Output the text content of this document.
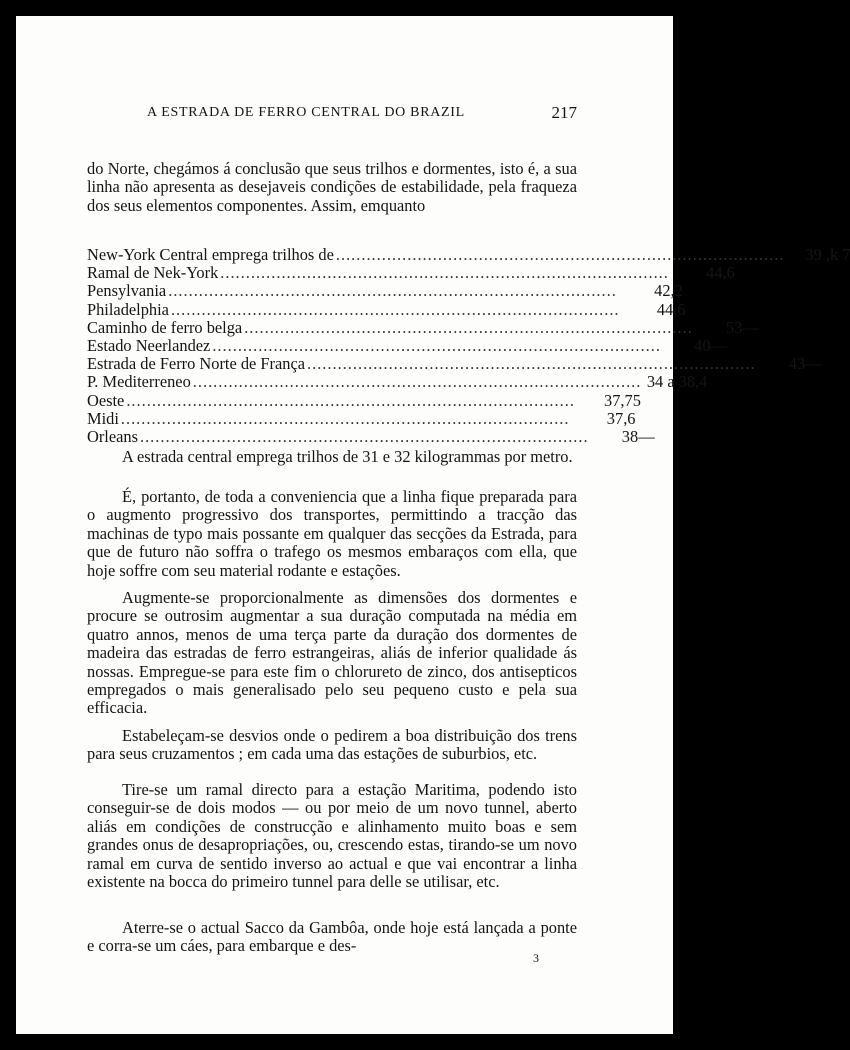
A ESTRADA DE FERRO CENTRAL DO BRAZIL	217

do Norte, chegámos á conclusão que seus trilhos e dormentes, isto é, a sua linha não apresenta as desejaveis condições de estabilidade, pela fraqueza dos seus elementos componentes. Assim, emquanto

New-York Central emprega trilhos de ........................................................................................	39 ,k 7
Ramal de Nek-York ........................................................................................	44,6
Pensylvania ........................................................................................	42,2
Philadelphia ........................................................................................	44,6
Caminho de ferro belga ........................................................................................	53—
Estado Neerlandez ........................................................................................	40—
Estrada de Ferro Norte de França ........................................................................................	43—
P. Mediterreneo ........................................................................................ 34 a 38,4
Oeste ........................................................................................	37,75
Midi ........................................................................................	37,6
Orleans ........................................................................................	38—

A estrada central emprega trilhos de 31 e 32 kilogrammas por metro.

É, portanto, de toda a conveniencia que a linha fique preparada para o augmento progressivo dos transportes, permittindo a tracção das machinas de typo mais possante em qualquer das secções da Estrada, para que de futuro não soffra o trafego os mesmos embaraços com ella, que hoje soffre com seu material rodante e estações.

Augmente-se proporcionalmente as dimensões dos dormentes e procure se outrosim augmentar a sua duração computada na média em quatro annos, menos de uma terça parte da duração dos dormentes de madeira das estradas de ferro estrangeiras, aliás de inferior qualidade ás nossas. Empregue-se para este fim o chlorureto de zinco, dos antisepticos empregados o mais generalisado pelo seu pequeno custo e pela sua efficacia.

Estabeleçam-se desvios onde o pedirem a boa distribuição dos trens para seus cruzamentos ; em cada uma das estações de suburbios, etc.

Tire-se um ramal directo para a estação Maritima, podendo isto conseguir-se de dois modos — ou por meio de um novo tunnel, aberto aliás em condições de construcção e alinhamento muito boas e sem grandes onus de desapropriações, ou, crescendo estas, tirando-se um novo ramal em curva de sentido inverso ao actual e que vai encontrar a linha existente na bocca do primeiro tunnel para delle se utilisar, etc.

Aterre-se o actual Sacco da Gambôa, onde hoje está lançada a ponte e corra-se um cáes, para embarque e des-

3
